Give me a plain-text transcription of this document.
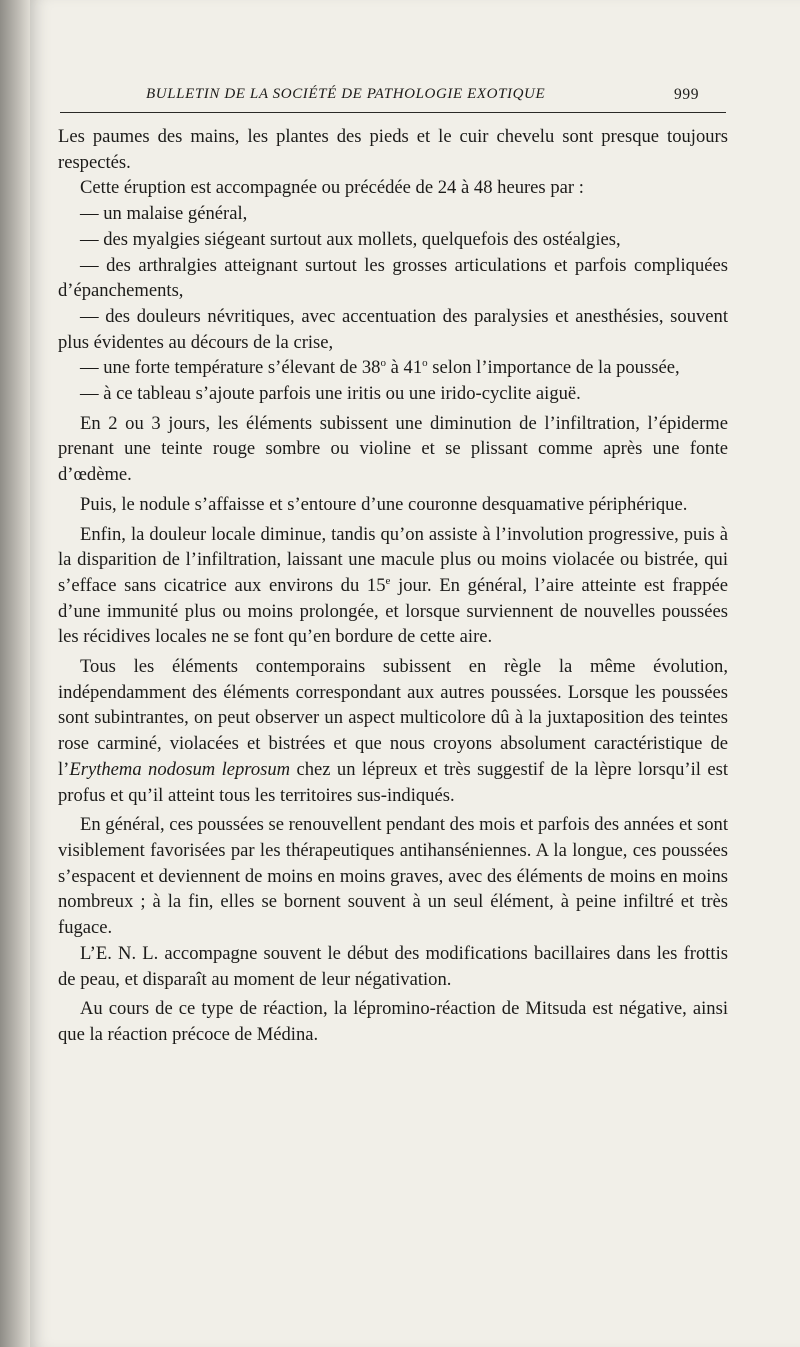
BULLETIN DE LA SOCIÉTÉ DE PATHOLOGIE EXOTIQUE	999

Les paumes des mains, les plantes des pieds et le cuir chevelu sont presque toujours respectés.

Cette éruption est accompagnée ou précédée de 24 à 48 heures par :

— un malaise général,

— des myalgies siégeant surtout aux mollets, quelquefois des ostéalgies,

— des arthralgies atteignant surtout les grosses articulations et parfois compliquées d’épanchements,

— des douleurs névritiques, avec accentuation des paralysies et anesthésies, souvent plus évidentes au décours de la crise,

— une forte température s’élevant de 38$^o$ à 41$^o$ selon l’importance de la poussée,

— à ce tableau s’ajoute parfois une iritis ou une irido-cyclite aiguë.

En 2 ou 3 jours, les éléments subissent une diminution de l’infiltration, l’épiderme prenant une teinte rouge sombre ou violine et se plissant comme après une fonte d’œdème.

Puis, le nodule s’affaisse et s’entoure d’une couronne desquamative périphérique.

Enfin, la douleur locale diminue, tandis qu’on assiste à l’involution progressive, puis à la disparition de l’infiltration, laissant une macule plus ou moins violacée ou bistrée, qui s’efface sans cicatrice aux environs du 15e jour. En général, l’aire atteinte est frappée d’une immunité plus ou moins prolongée, et lorsque surviennent de nouvelles poussées les récidives locales ne se font qu’en bordure de cette aire.

Tous les éléments contemporains subissent en règle la même évolution, indépendamment des éléments correspondant aux autres poussées. Lorsque les poussées sont subintrantes, on peut observer un aspect multicolore dû à la juxtaposition des teintes rose carminé, violacées et bistrées et que nous croyons absolument caractéristique de l’Erythema nodosum leprosum chez un lépreux et très suggestif de la lèpre lorsqu’il est profus et qu’il atteint tous les territoires sus-indiqués.

En général, ces poussées se renouvellent pendant des mois et parfois des années et sont visiblement favorisées par les thérapeutiques antihanséniennes. A la longue, ces poussées s’espacent et deviennent de moins en moins graves, avec des éléments de moins en moins nombreux ; à la fin, elles se bornent souvent à un seul élément, à peine infiltré et très fugace.

L’E. N. L. accompagne souvent le début des modifications bacillaires dans les frottis de peau, et disparaît au moment de leur négativation.

Au cours de ce type de réaction, la lépromino-réaction de Mitsuda est négative, ainsi que la réaction précoce de Médina.
